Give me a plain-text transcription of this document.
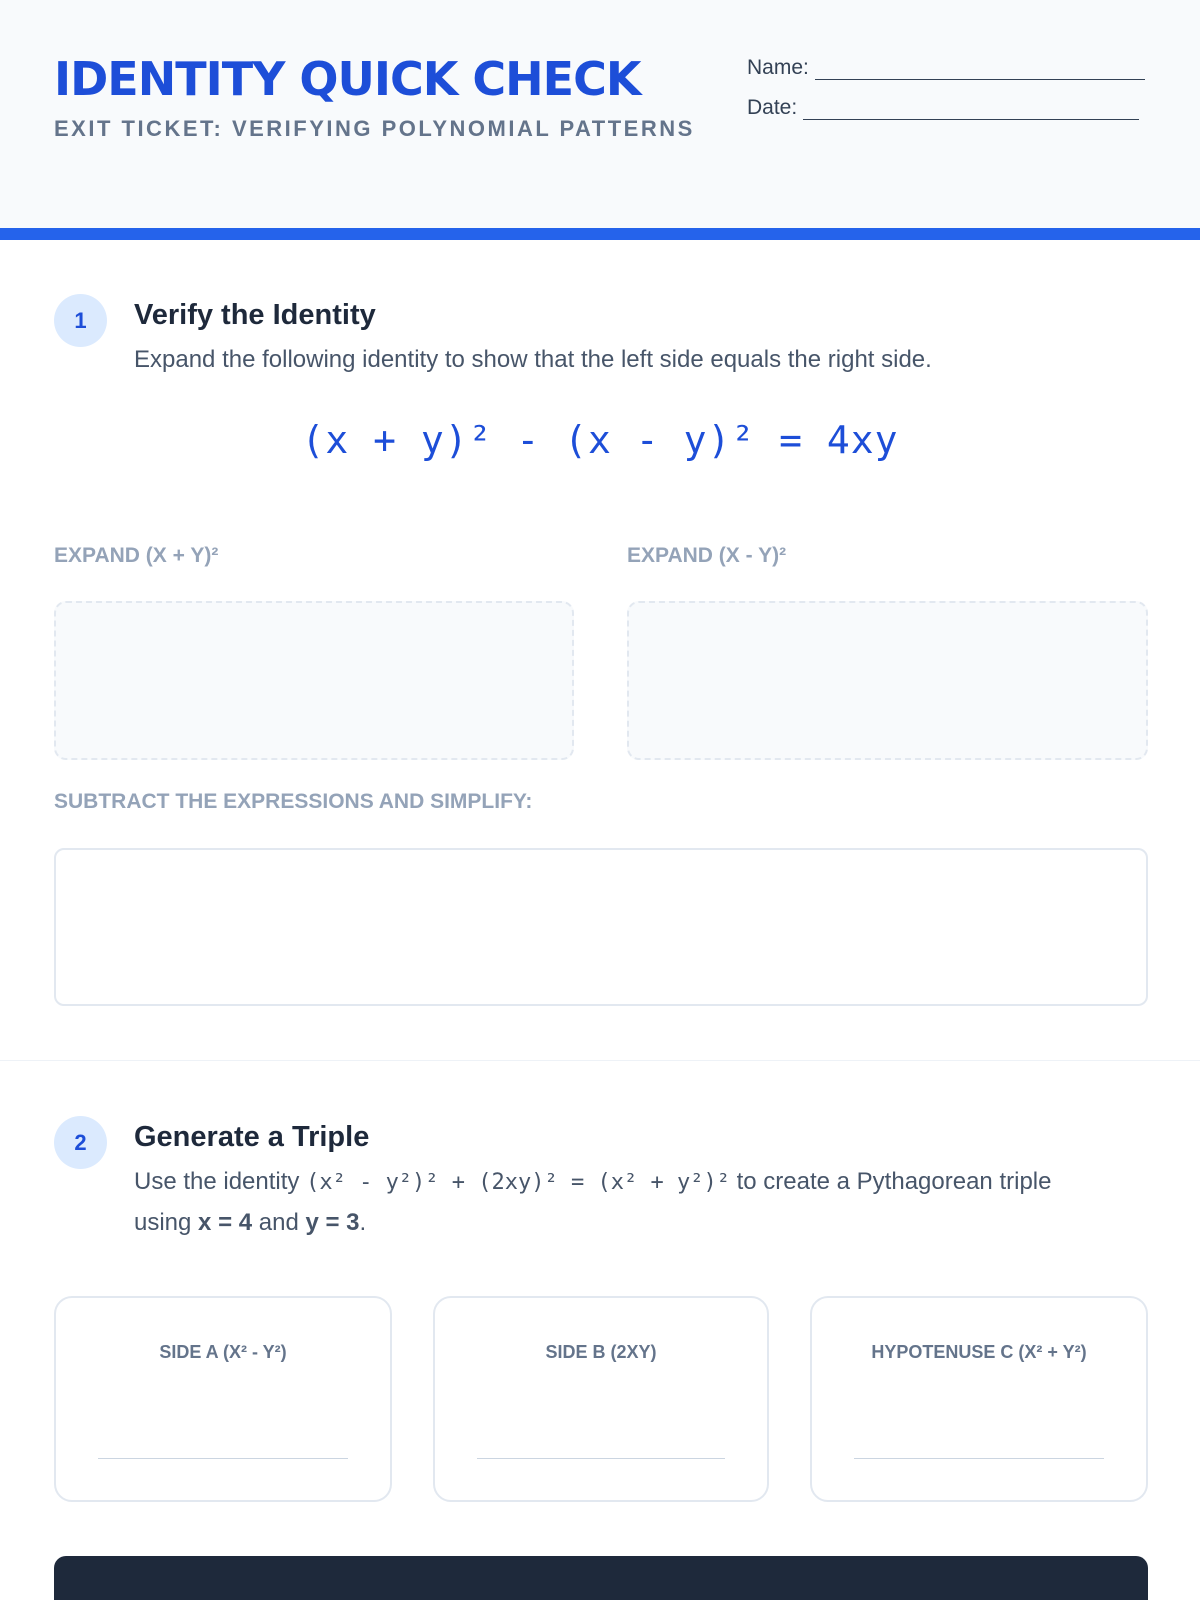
IDENTITY QUICK CHECK
EXIT TICKET: VERIFYING POLYNOMIAL PATTERNS
Name:
Date:
1	Verify the Identity
Expand the following identity to show that the left side equals the right side.
(x + y)² - (x - y)² = 4xy
EXPAND (X + Y)²	EXPAND (X - Y)²
SUBTRACT THE EXPRESSIONS AND SIMPLIFY:
2	Generate a Triple
Use the identity (x² - y²)² + (2xy)² = (x² + y²)² to create a Pythagorean triple
using x = 4 and y = 3.
SIDE A (X² - Y²)	SIDE B (2XY)	HYPOTENUSE C (X² + Y²)
